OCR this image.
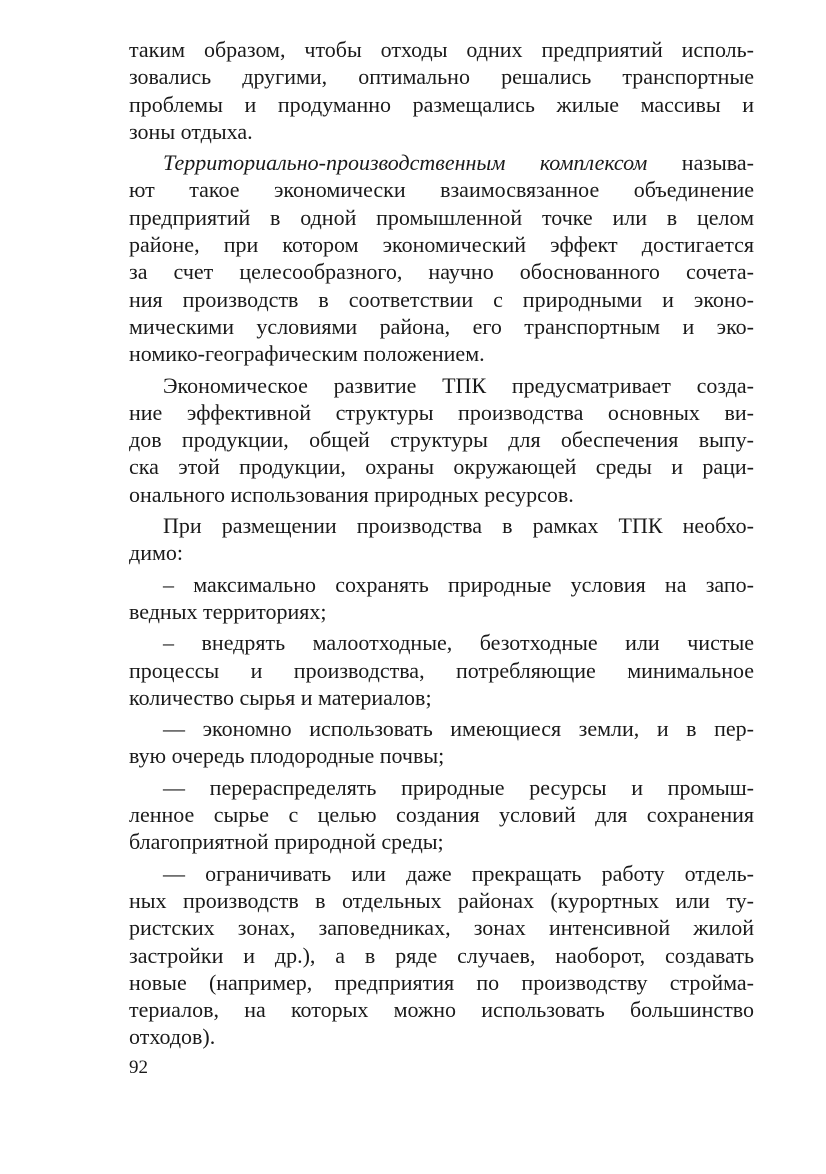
таким образом, чтобы отходы одних предприятий исполь-
зовались другими, оптимально решались транспортные
проблемы и продуманно размещались жилые массивы и
зоны отдыха.
Территориально-производственным комплексом называ-
ют такое экономически взаимосвязанное объединение
предприятий в одной промышленной точке или в целом
районе, при котором экономический эффект достигается
за счет целесообразного, научно обоснованного сочета-
ния производств в соответствии с природными и эконо-
мическими условиями района, его транспортным и эко-
номико-географическим положением.
Экономическое развитие ТПК предусматривает созда-
ние эффективной структуры производства основных ви-
дов продукции, общей структуры для обеспечения выпу-
ска этой продукции, охраны окружающей среды и раци-
онального использования природных ресурсов.
При размещении производства в рамках ТПК необхо-
димо:
– максимально сохранять природные условия на запо-
ведных территориях;
– внедрять малоотходные, безотходные или чистые
процессы и производства, потребляющие минимальное
количество сырья и материалов;
— экономно использовать имеющиеся земли, и в пер-
вую очередь плодородные почвы;
— перераспределять природные ресурсы и промыш-
ленное сырье с целью создания условий для сохранения
благоприятной природной среды;
— ограничивать или даже прекращать работу отдель-
ных производств в отдельных районах (курортных или ту-
ристских зонах, заповедниках, зонах интенсивной жилой
застройки и др.), а в ряде случаев, наоборот, создавать
новые (например, предприятия по производству стройма-
териалов, на которых можно использовать большинство
отходов).
92
